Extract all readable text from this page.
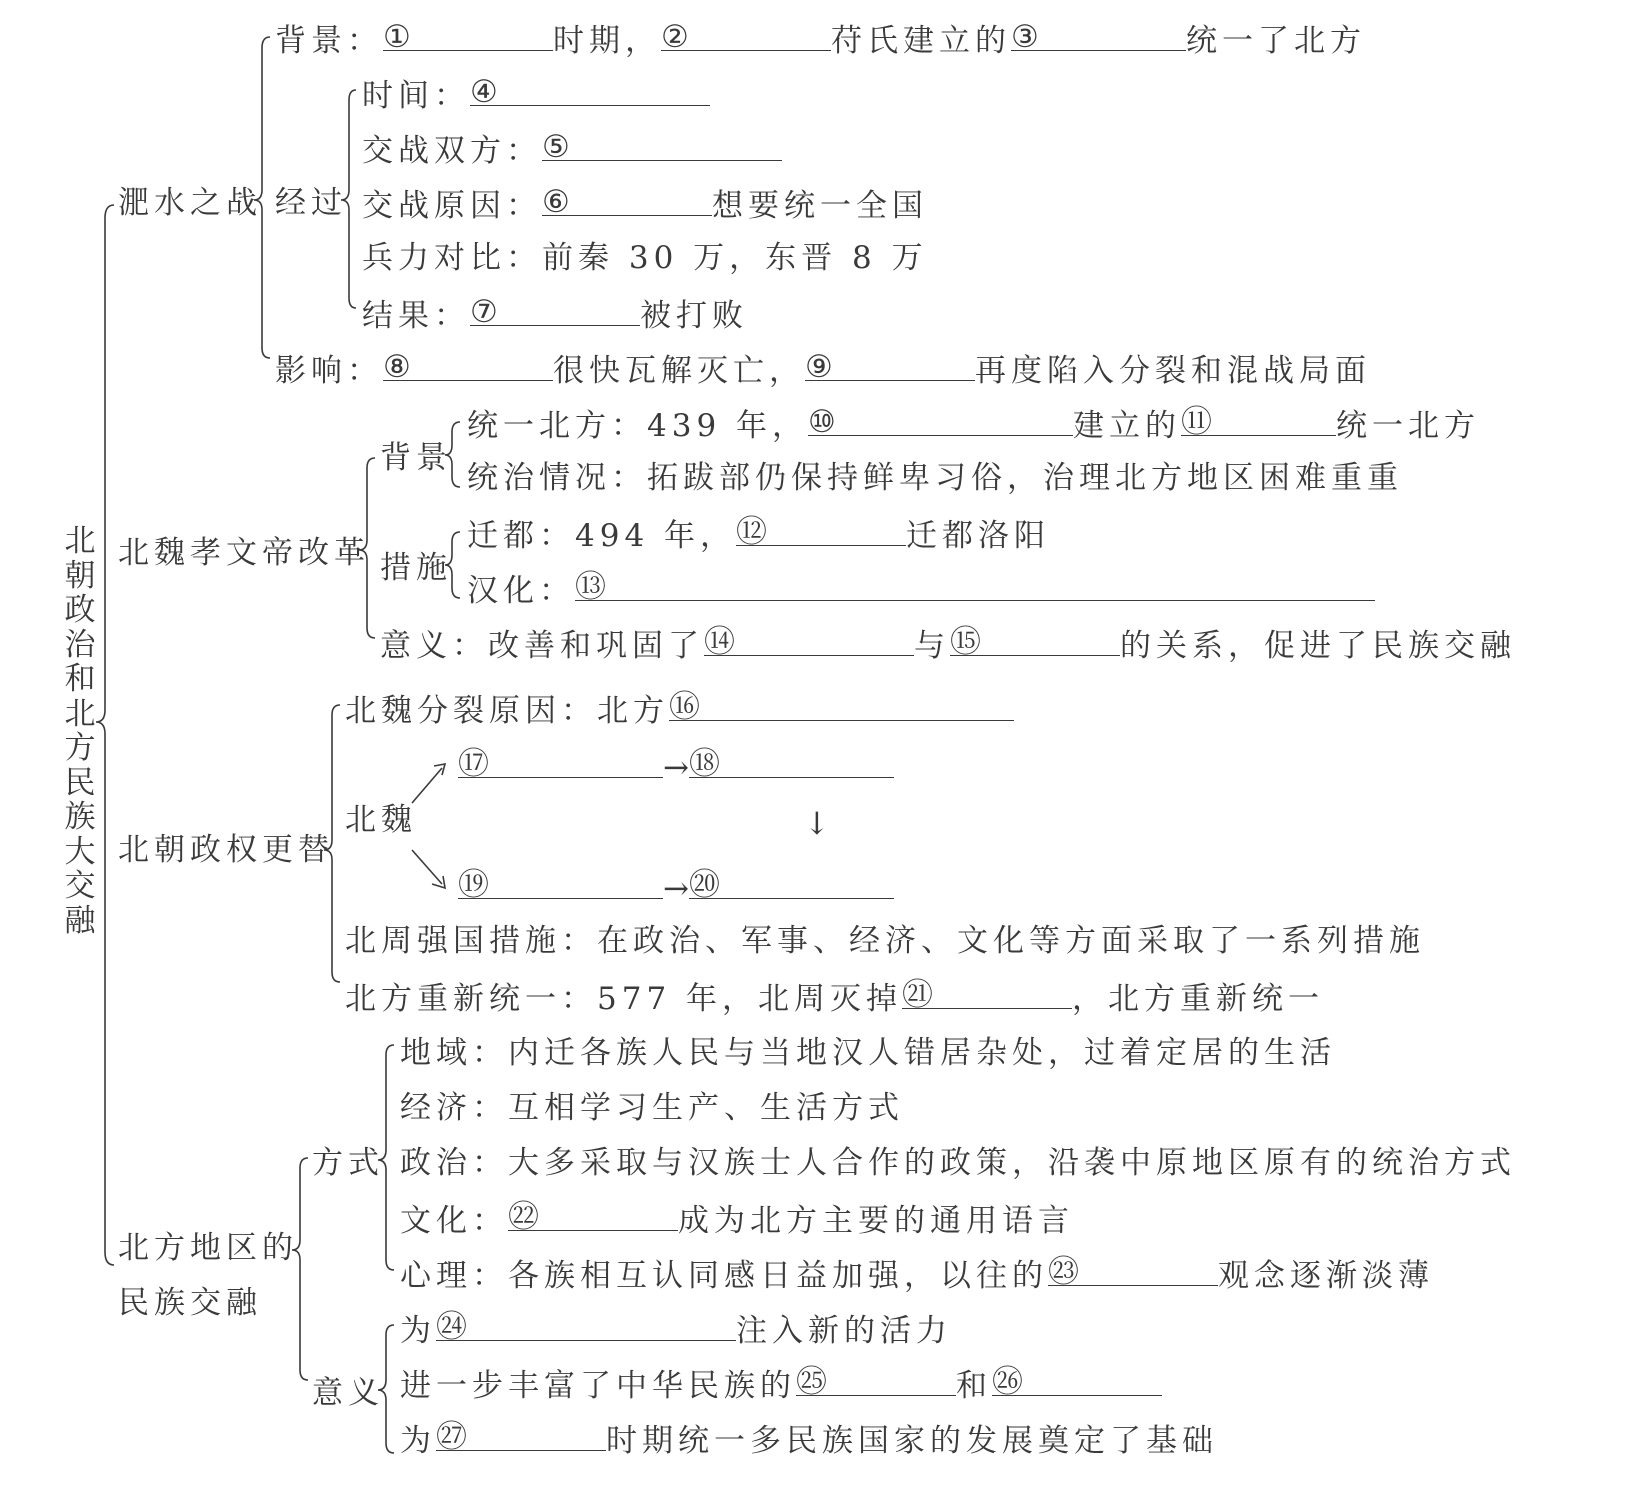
北朝政治和北方民族大交融
淝水之战
背景： ①	时期， ②	苻氏建立的 ③	统一了北方
经过
时间： ④
交战双方： ⑤
交战原因： ⑥	想要统一全国
兵力对比：前秦 30 万，东晋 8 万
结果： ⑦	被打败
影响： ⑧	很快瓦解灭亡， ⑨	再度陷入分裂和混战局面
北魏孝文帝改革
背景
统一北方：439 年， ⑩	建立的 ⑪	统一北方
统治情况：拓跋部仍保持鲜卑习俗，治理北方地区困难重重
措施
迁都：494 年， ⑫	迁都洛阳
汉化： ⑬
意义：改善和巩固了 ⑭	与 ⑮	的关系，促进了民族交融
北朝政权更替
北魏分裂原因：北方 ⑯
北魏
⑰	→ ⑱
↓
⑲	→ ⑳
北周强国措施：在政治、军事、经济、文化等方面采取了一系列措施
北方重新统一：577 年，北周灭掉 ㉑	，北方重新统一
北方地区的
民族交融
方式
地域：内迁各族人民与当地汉人错居杂处，过着定居的生活
经济：互相学习生产、生活方式
政治：大多采取与汉族士人合作的政策，沿袭中原地区原有的统治方式
文化： ㉒	成为北方主要的通用语言
心理：各族相互认同感日益加强，以往的 ㉓	观念逐渐淡薄
意义
为 ㉔	注入新的活力
进一步丰富了中华民族的 ㉕	和 ㉖
为 ㉗	时期统一多民族国家的发展奠定了基础
